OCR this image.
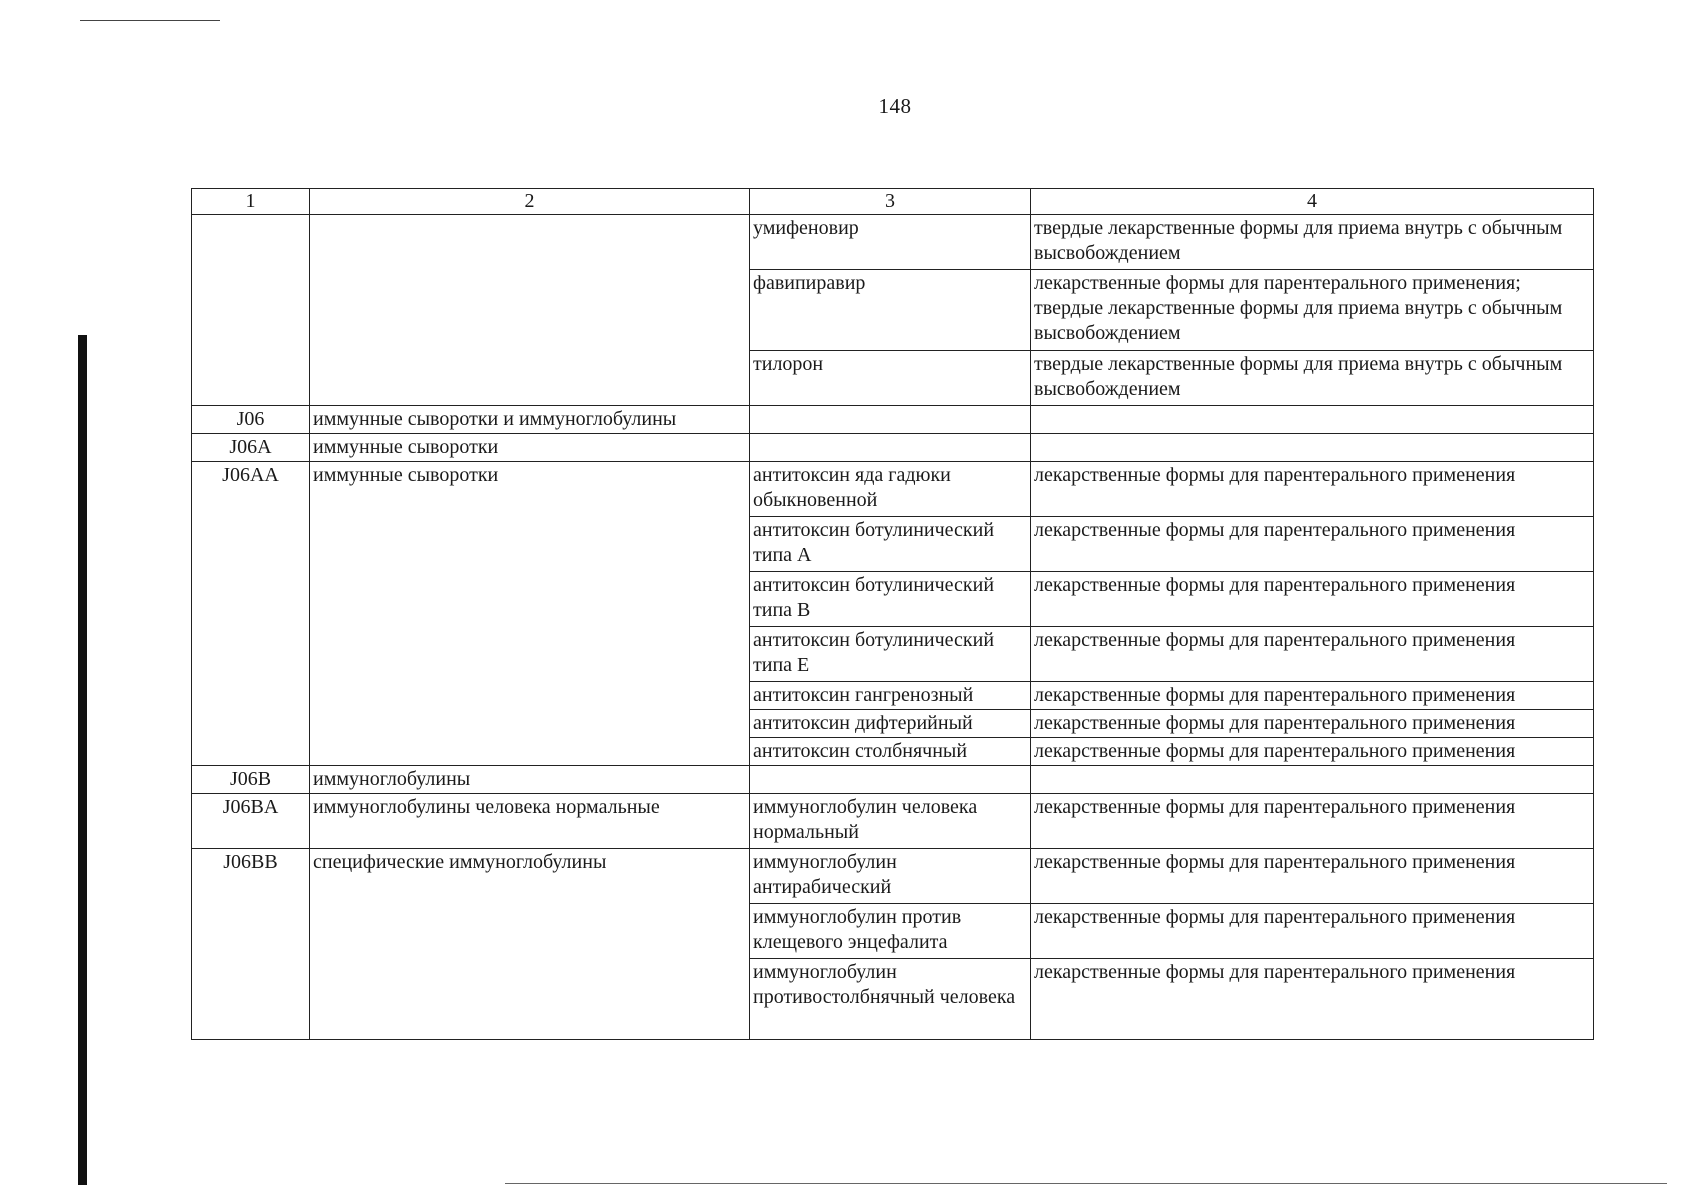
148
1	2	3	4
		умифеновир	твердые лекарственные формы для приема внутрь с обычным высвобождением
		фавипиравир	лекарственные формы для парентерального применения; твердые лекарственные формы для приема внутрь с обычным высвобождением
		тилорон	твердые лекарственные формы для приема внутрь с обычным высвобождением
J06	иммунные сыворотки и иммуноглобулины		
J06A	иммунные сыворотки		
J06AA	иммунные сыворотки	антитоксин яда гадюки обыкновенной	лекарственные формы для парентерального применения
		антитоксин ботулинический типа А	лекарственные формы для парентерального применения
		антитоксин ботулинический типа В	лекарственные формы для парентерального применения
		антитоксин ботулинический типа Е	лекарственные формы для парентерального применения
		антитоксин гангренозный	лекарственные формы для парентерального применения
		антитоксин дифтерийный	лекарственные формы для парентерального применения
		антитоксин столбнячный	лекарственные формы для парентерального применения
J06B	иммуноглобулины		
J06BA	иммуноглобулины человека нормальные	иммуноглобулин человека нормальный	лекарственные формы для парентерального применения
J06BB	специфические иммуноглобулины	иммуноглобулин антирабический	лекарственные формы для парентерального применения
		иммуноглобулин против клещевого энцефалита	лекарственные формы для парентерального применения
		иммуноглобулин противостолбнячный человека	лекарственные формы для парентерального применения
